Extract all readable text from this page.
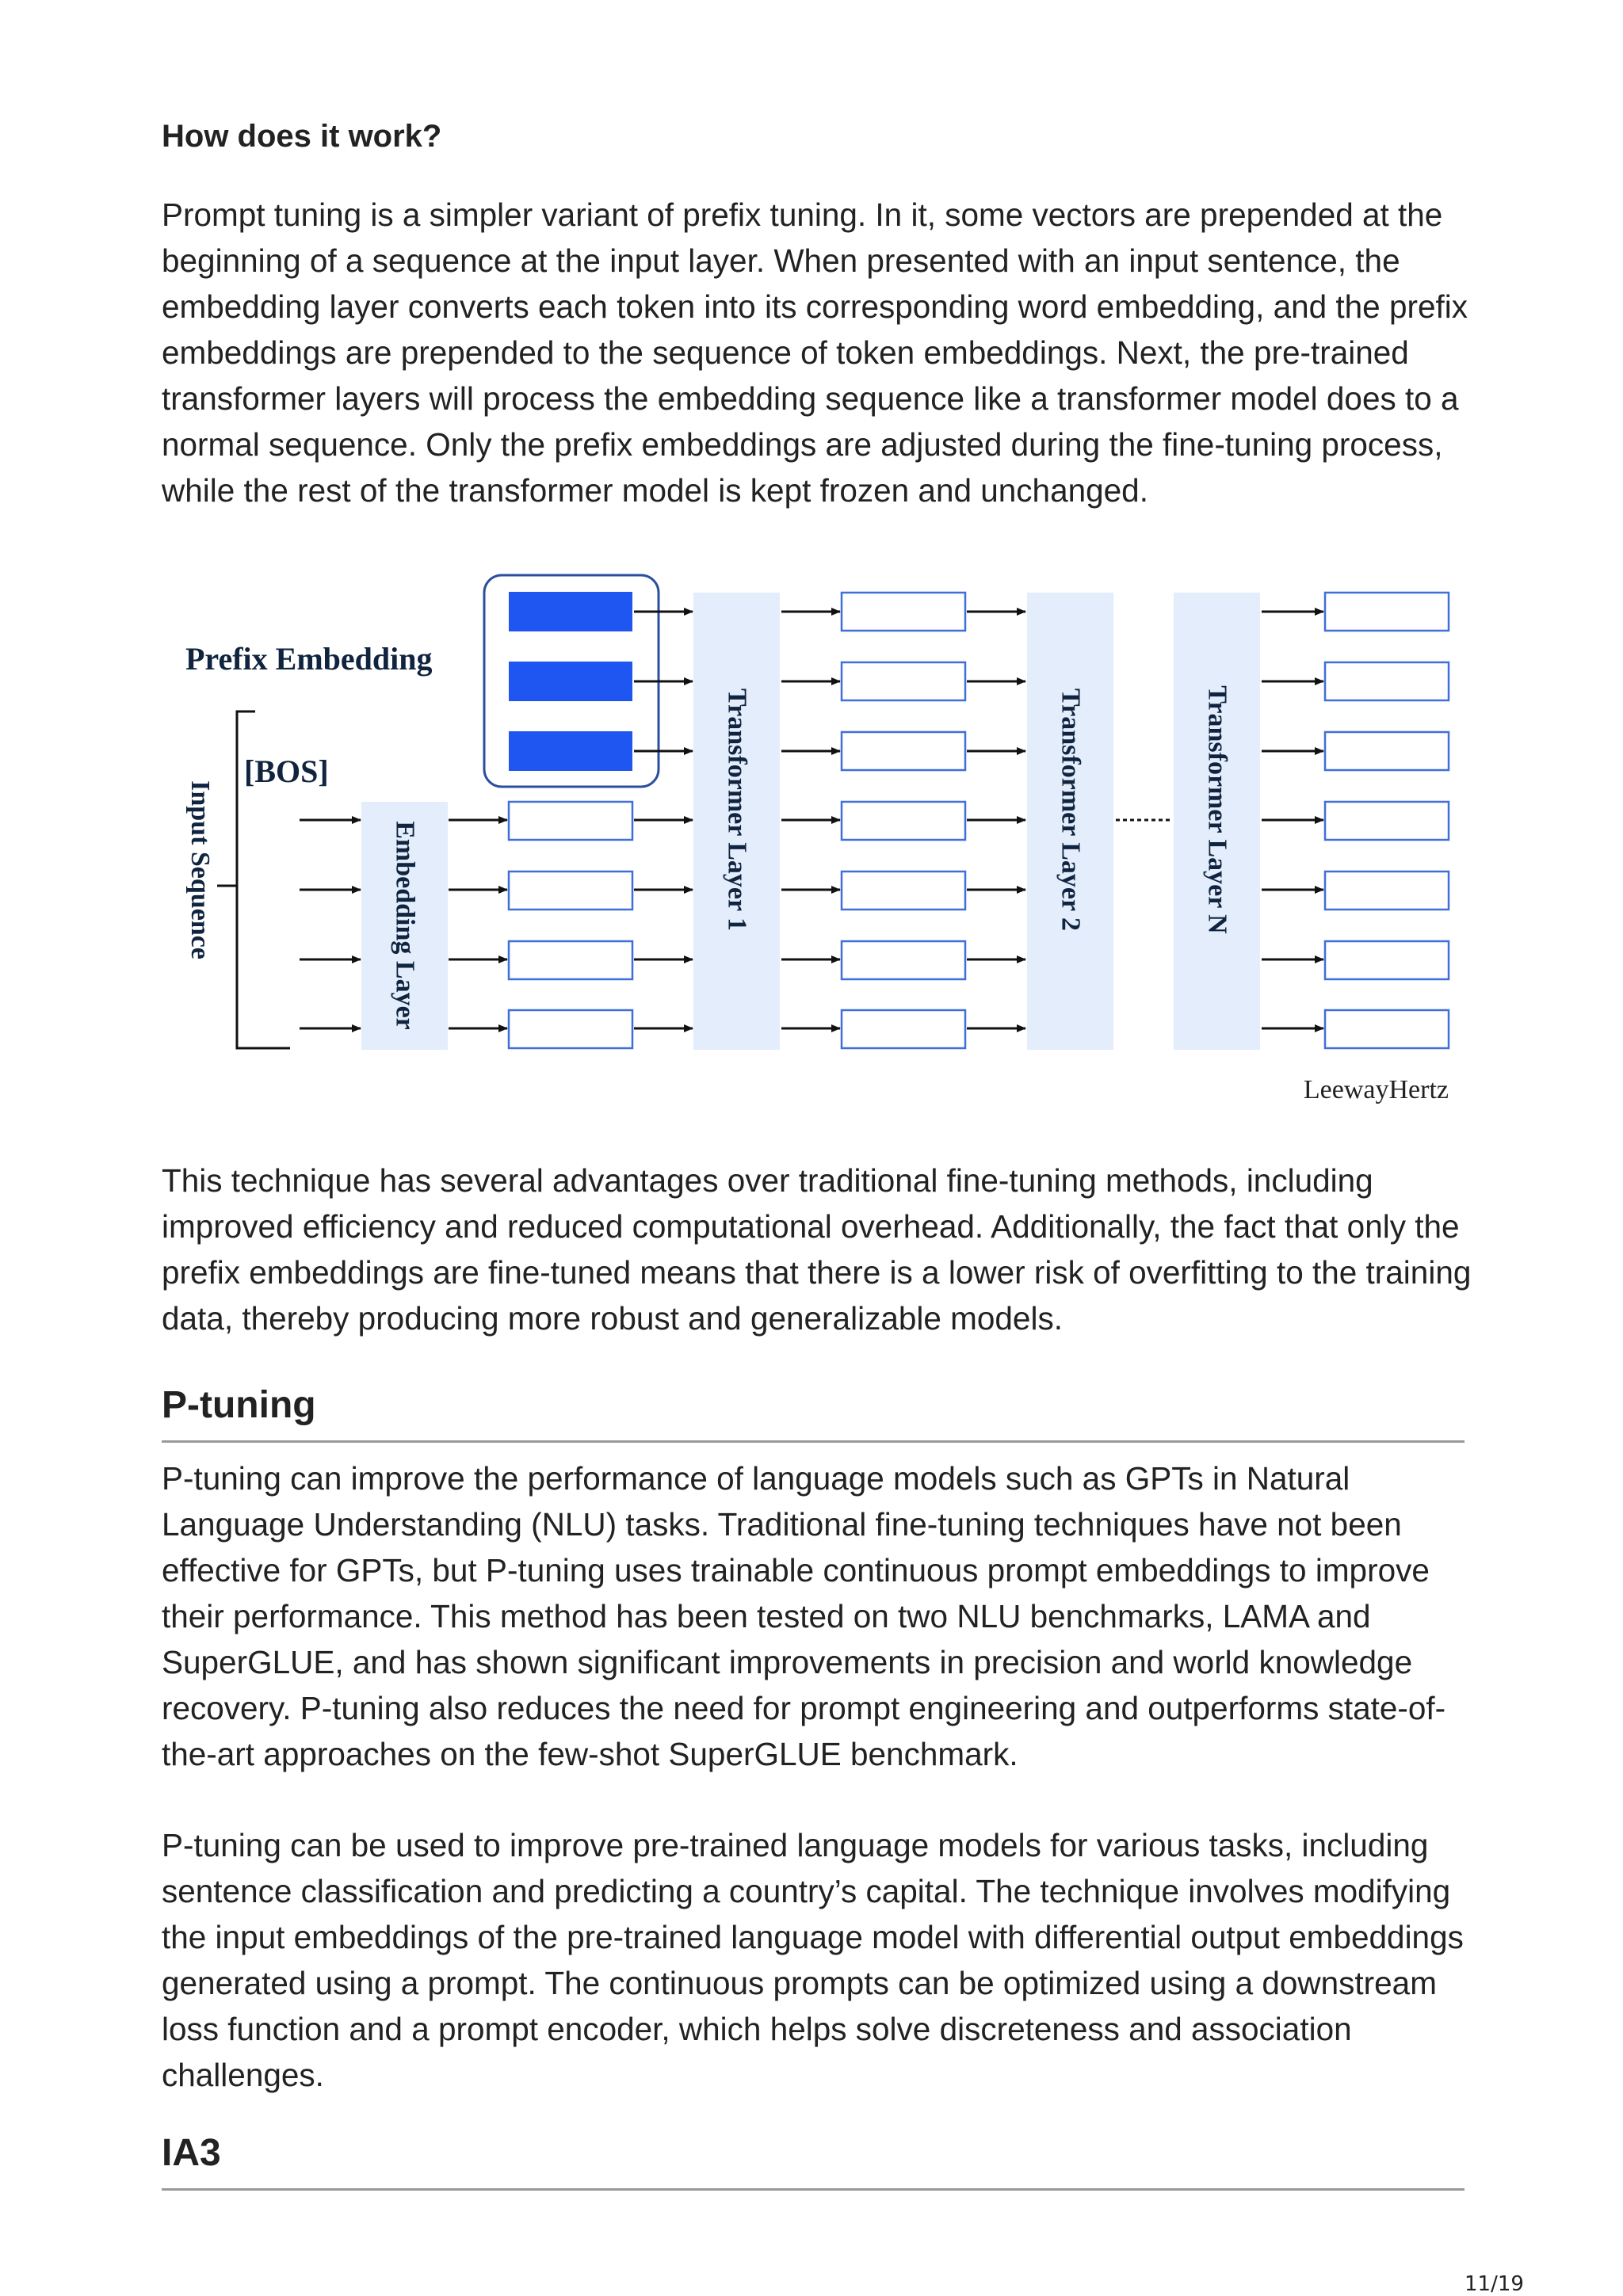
How does it work?

Prompt tuning is a simpler variant of prefix tuning. In it, some vectors are prepended at the beginning of a sequence at the input layer. When presented with an input sentence, the embedding layer converts each token into its corresponding word embedding, and the prefix embeddings are prepended to the sequence of token embeddings. Next, the pre-trained transformer layers will process the embedding sequence like a transformer model does to a normal sequence. Only the prefix embeddings are adjusted during the fine-tuning process, while the rest of the transformer model is kept frozen and unchanged.

Prefix Embedding
[BOS]
Input Sequence	Embedding Layer	Transformer Layer 1	Transformer Layer 2	Transformer Layer N
LeewayHertz

This technique has several advantages over traditional fine-tuning methods, including improved efficiency and reduced computational overhead. Additionally, the fact that only the prefix embeddings are fine-tuned means that there is a lower risk of overfitting to the training data, thereby producing more robust and generalizable models.

P-tuning

P-tuning can improve the performance of language models such as GPTs in Natural Language Understanding (NLU) tasks. Traditional fine-tuning techniques have not been effective for GPTs, but P-tuning uses trainable continuous prompt embeddings to improve their performance. This method has been tested on two NLU benchmarks, LAMA and SuperGLUE, and has shown significant improvements in precision and world knowledge recovery. P-tuning also reduces the need for prompt engineering and outperforms state-of-the-art approaches on the few-shot SuperGLUE benchmark.

P-tuning can be used to improve pre-trained language models for various tasks, including sentence classification and predicting a country’s capital. The technique involves modifying the input embeddings of the pre-trained language model with differential output embeddings generated using a prompt. The continuous prompts can be optimized using a downstream loss function and a prompt encoder, which helps solve discreteness and association challenges.

IA3
11/19
